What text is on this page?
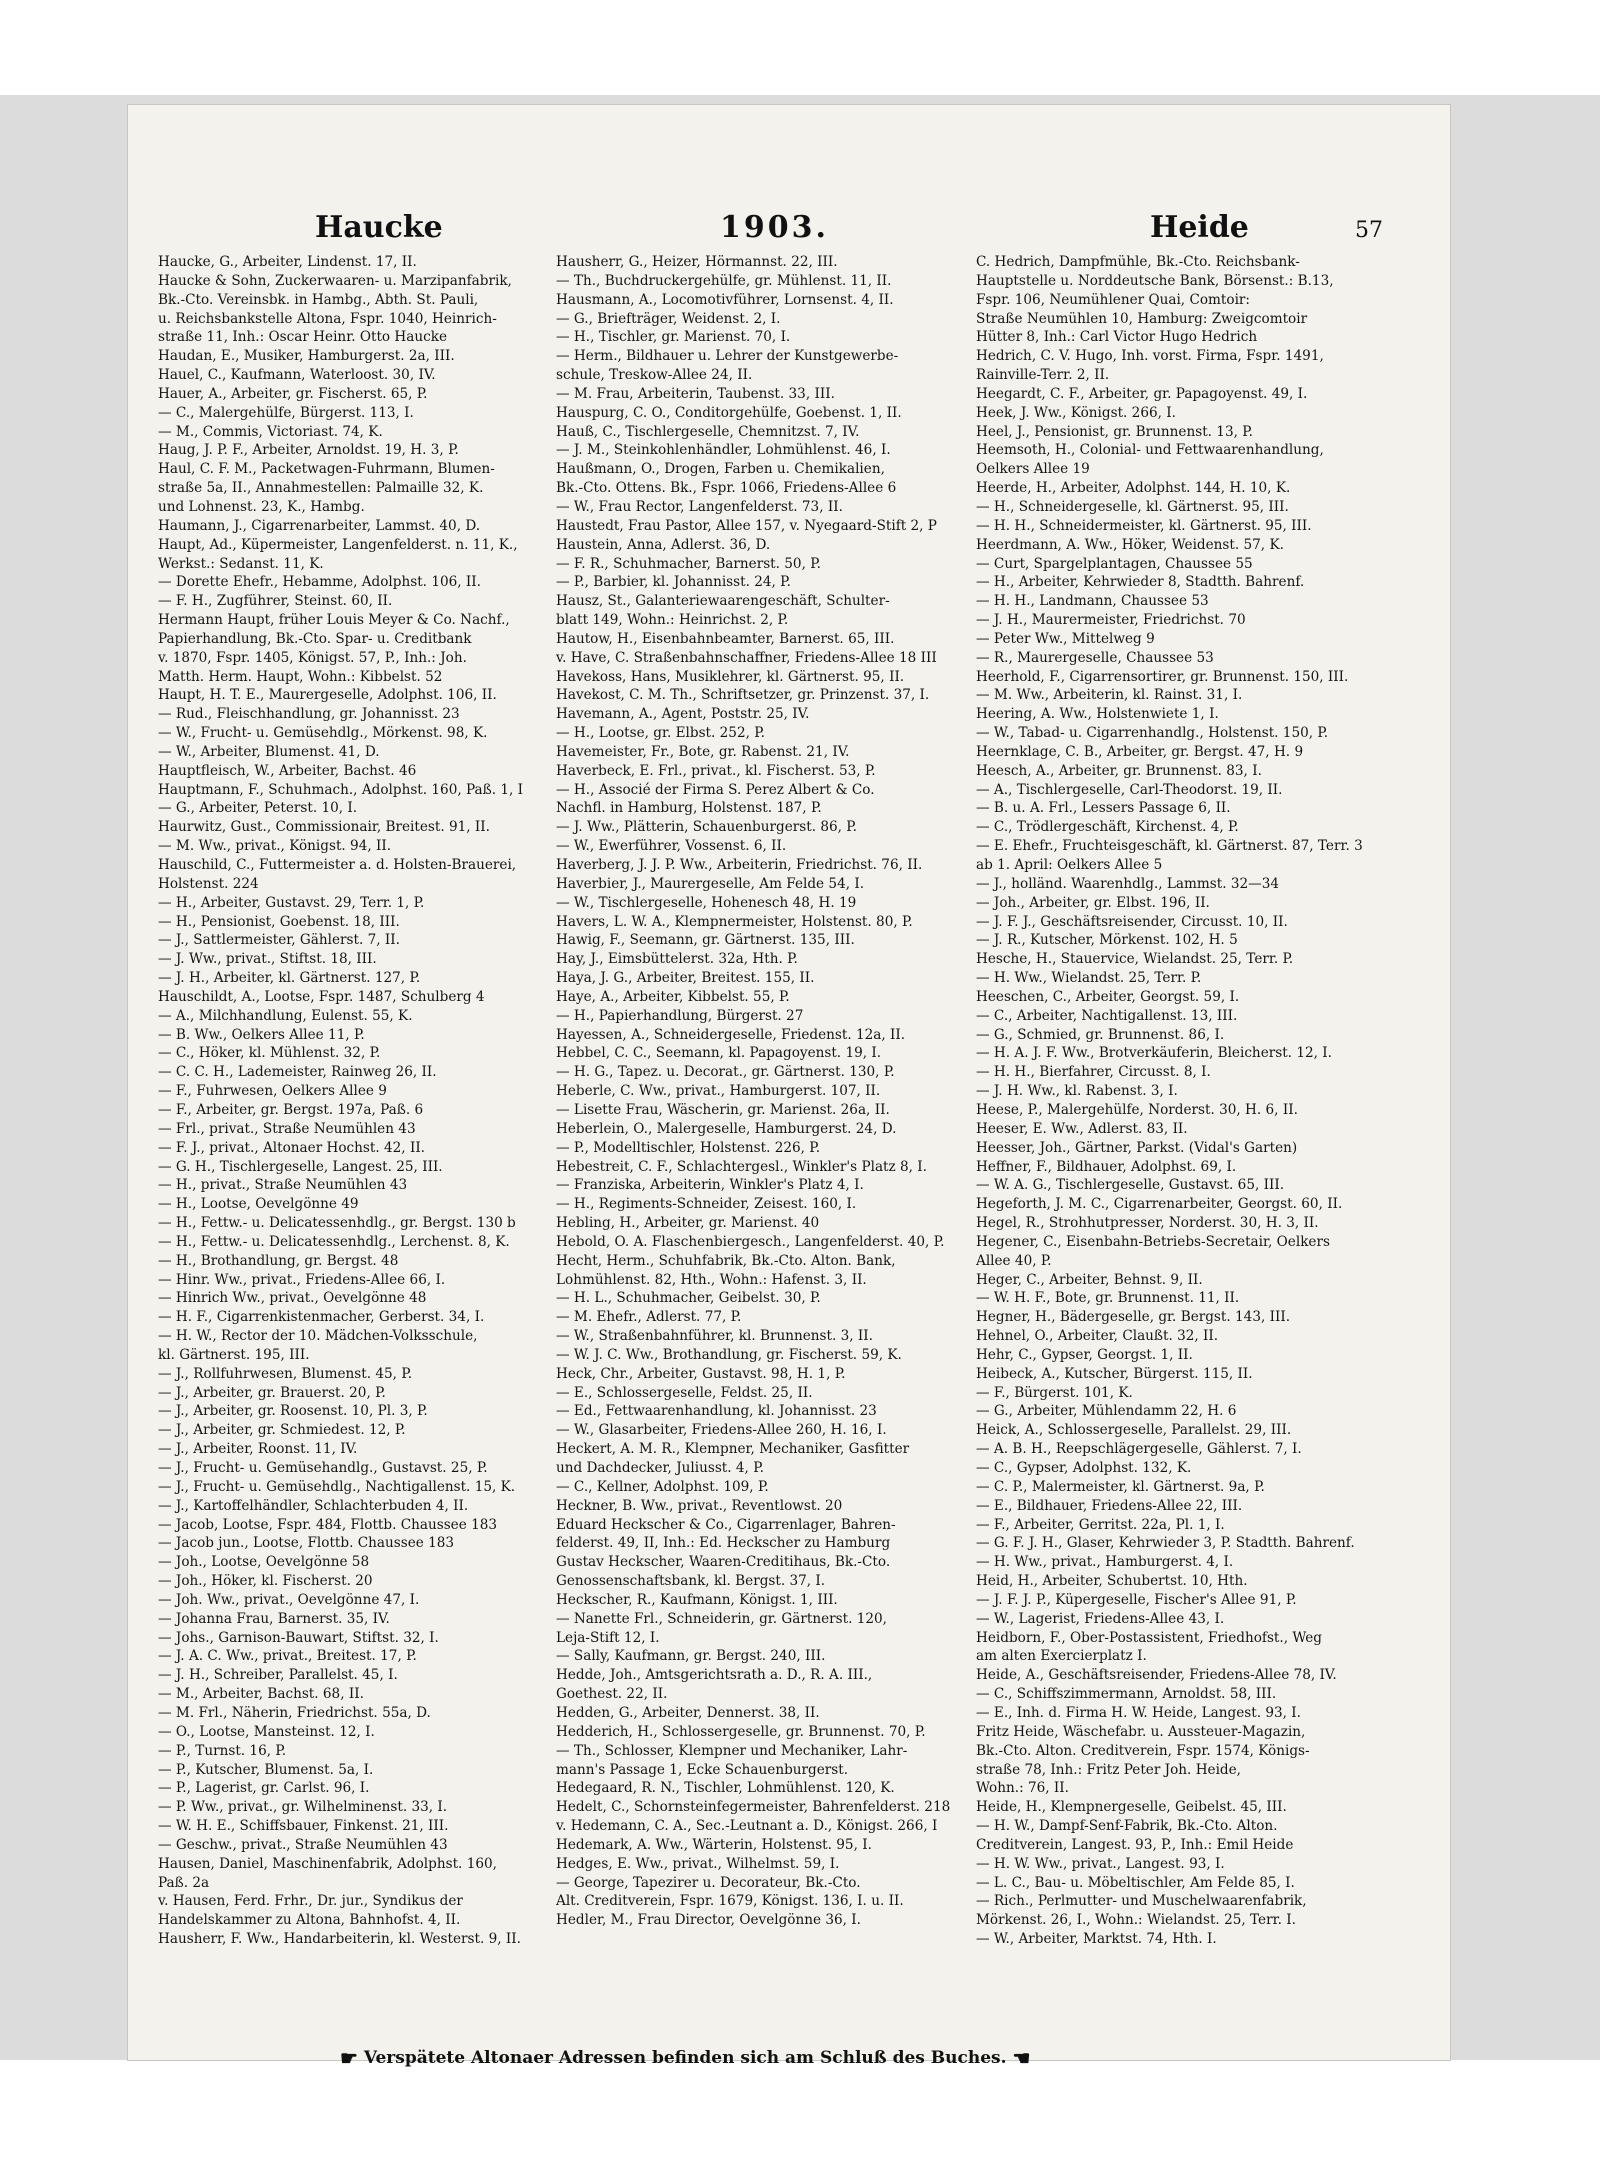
Haucke	1903.	Heide	57
Haucke, G., Arbeiter, Lindenst. 17, II.
Haucke & Sohn, Zuckerwaaren- u. Marzipanfabrik,
Bk.-Cto. Vereinsbk. in Hambg., Abth. St. Pauli,
u. Reichsbankstelle Altona, Fspr. 1040, Heinrich-
straße 11, Inh.: Oscar Heinr. Otto Haucke
Haudan, E., Musiker, Hamburgerst. 2a, III.
Hauel, C., Kaufmann, Waterloost. 30, IV.
Hauer, A., Arbeiter, gr. Fischerst. 65, P.
— C., Malergehülfe, Bürgerst. 113, I.
— M., Commis, Victoriast. 74, K.
Haug, J. P. F., Arbeiter, Arnoldst. 19, H. 3, P.
Haul, C. F. M., Packetwagen-Fuhrmann, Blumen-
straße 5a, II., Annahmestellen: Palmaille 32, K.
und Lohnenst. 23, K., Hambg.
Haumann, J., Cigarrenarbeiter, Lammst. 40, D.
Haupt, Ad., Küpermeister, Langenfelderst. n. 11, K.,
Werkst.: Sedanst. 11, K.
— Dorette Ehefr., Hebamme, Adolphst. 106, II.
— F. H., Zugführer, Steinst. 60, II.
Hermann Haupt, früher Louis Meyer & Co. Nachf.,
Papierhandlung, Bk.-Cto. Spar- u. Creditbank
v. 1870, Fspr. 1405, Königst. 57, P., Inh.: Joh.
Matth. Herm. Haupt, Wohn.: Kibbelst. 52
Haupt, H. T. E., Maurergeselle, Adolphst. 106, II.
— Rud., Fleischhandlung, gr. Johannisst. 23
— W., Frucht- u. Gemüsehdlg., Mörkenst. 98, K.
— W., Arbeiter, Blumenst. 41, D.
Hauptfleisch, W., Arbeiter, Bachst. 46
Hauptmann, F., Schuhmach., Adolphst. 160, Paß. 1, I
— G., Arbeiter, Peterst. 10, I.
Haurwitz, Gust., Commissionair, Breitest. 91, II.
— M. Ww., privat., Königst. 94, II.
Hauschild, C., Futtermeister a. d. Holsten-Brauerei,
Holstenst. 224
— H., Arbeiter, Gustavst. 29, Terr. 1, P.
— H., Pensionist, Goebenst. 18, III.
— J., Sattlermeister, Gählerst. 7, II.
— J. Ww., privat., Stiftst. 18, III.
— J. H., Arbeiter, kl. Gärtnerst. 127, P.
Hauschildt, A., Lootse, Fspr. 1487, Schulberg 4
— A., Milchhandlung, Eulenst. 55, K.
— B. Ww., Oelkers Allee 11, P.
— C., Höker, kl. Mühlenst. 32, P.
— C. C. H., Lademeister, Rainweg 26, II.
— F., Fuhrwesen, Oelkers Allee 9
— F., Arbeiter, gr. Bergst. 197a, Paß. 6
— Frl., privat., Straße Neumühlen 43
— F. J., privat., Altonaer Hochst. 42, II.
— G. H., Tischlergeselle, Langest. 25, III.
— H., privat., Straße Neumühlen 43
— H., Lootse, Oevelgönne 49
— H., Fettw.- u. Delicatessenhdlg., gr. Bergst. 130 b
— H., Fettw.- u. Delicatessenhdlg., Lerchenst. 8, K.
— H., Brothandlung, gr. Bergst. 48
— Hinr. Ww., privat., Friedens-Allee 66, I.
— Hinrich Ww., privat., Oevelgönne 48
— H. F., Cigarrenkistenmacher, Gerberst. 34, I.
— H. W., Rector der 10. Mädchen-Volksschule,
kl. Gärtnerst. 195, III.
— J., Rollfuhrwesen, Blumenst. 45, P.
— J., Arbeiter, gr. Brauerst. 20, P.
— J., Arbeiter, gr. Roosenst. 10, Pl. 3, P.
— J., Arbeiter, gr. Schmiedest. 12, P.
— J., Arbeiter, Roonst. 11, IV.
— J., Frucht- u. Gemüsehandlg., Gustavst. 25, P.
— J., Frucht- u. Gemüsehdlg., Nachtigallenst. 15, K.
— J., Kartoffelhändler, Schlachterbuden 4, II.
— Jacob, Lootse, Fspr. 484, Flottb. Chaussee 183
— Jacob jun., Lootse, Flottb. Chaussee 183
— Joh., Lootse, Oevelgönne 58
— Joh., Höker, kl. Fischerst. 20
— Joh. Ww., privat., Oevelgönne 47, I.
— Johanna Frau, Barnerst. 35, IV.
— Johs., Garnison-Bauwart, Stiftst. 32, I.
— J. A. C. Ww., privat., Breitest. 17, P.
— J. H., Schreiber, Parallelst. 45, I.
— M., Arbeiter, Bachst. 68, II.
— M. Frl., Näherin, Friedrichst. 55a, D.
— O., Lootse, Mansteinst. 12, I.
— P., Turnst. 16, P.
— P., Kutscher, Blumenst. 5a, I.
— P., Lagerist, gr. Carlst. 96, I.
— P. Ww., privat., gr. Wilhelminenst. 33, I.
— W. H. E., Schiffsbauer, Finkenst. 21, III.
— Geschw., privat., Straße Neumühlen 43
Hausen, Daniel, Maschinenfabrik, Adolphst. 160,
Paß. 2a
v. Hausen, Ferd. Frhr., Dr. jur., Syndikus der
Handelskammer zu Altona, Bahnhofst. 4, II.
Hausherr, F. Ww., Handarbeiterin, kl. Westerst. 9, II.
Hausherr, G., Heizer, Hörmannst. 22, III.
— Th., Buchdruckergehülfe, gr. Mühlenst. 11, II.
Hausmann, A., Locomotivführer, Lornsenst. 4, II.
— G., Briefträger, Weidenst. 2, I.
— H., Tischler, gr. Marienst. 70, I.
— Herm., Bildhauer u. Lehrer der Kunstgewerbe-
schule, Treskow-Allee 24, II.
— M. Frau, Arbeiterin, Taubenst. 33, III.
Hauspurg, C. O., Conditorgehülfe, Goebenst. 1, II.
Hauß, C., Tischlergeselle, Chemnitzst. 7, IV.
— J. M., Steinkohlenhändler, Lohmühlenst. 46, I.
Haußmann, O., Drogen, Farben u. Chemikalien,
Bk.-Cto. Ottens. Bk., Fspr. 1066, Friedens-Allee 6
— W., Frau Rector, Langenfelderst. 73, II.
Haustedt, Frau Pastor, Allee 157, v. Nyegaard-Stift 2, P
Haustein, Anna, Adlerst. 36, D.
— F. R., Schuhmacher, Barnerst. 50, P.
— P., Barbier, kl. Johannisst. 24, P.
Hausz, St., Galanteriewaarengeschäft, Schulter-
blatt 149, Wohn.: Heinrichst. 2, P.
Hautow, H., Eisenbahnbeamter, Barnerst. 65, III.
v. Have, C. Straßenbahnschaffner, Friedens-Allee 18 III
Havekoss, Hans, Musiklehrer, kl. Gärtnerst. 95, II.
Havekost, C. M. Th., Schriftsetzer, gr. Prinzenst. 37, I.
Havemann, A., Agent, Poststr. 25, IV.
— H., Lootse, gr. Elbst. 252, P.
Havemeister, Fr., Bote, gr. Rabenst. 21, IV.
Haverbeck, E. Frl., privat., kl. Fischerst. 53, P.
— H., Associé der Firma S. Perez Albert & Co.
Nachfl. in Hamburg, Holstenst. 187, P.
— J. Ww., Plätterin, Schauenburgerst. 86, P.
— W., Ewerführer, Vossenst. 6, II.
Haverberg, J. J. P. Ww., Arbeiterin, Friedrichst. 76, II.
Haverbier, J., Maurergeselle, Am Felde 54, I.
— W., Tischlergeselle, Hohenesch 48, H. 19
Havers, L. W. A., Klempnermeister, Holstenst. 80, P.
Hawig, F., Seemann, gr. Gärtnerst. 135, III.
Hay, J., Eimsbüttelerst. 32a, Hth. P.
Haya, J. G., Arbeiter, Breitest. 155, II.
Haye, A., Arbeiter, Kibbelst. 55, P.
— H., Papierhandlung, Bürgerst. 27
Hayessen, A., Schneidergeselle, Friedenst. 12a, II.
Hebbel, C. C., Seemann, kl. Papagoyenst. 19, I.
— H. G., Tapez. u. Decorat., gr. Gärtnerst. 130, P.
Heberle, C. Ww., privat., Hamburgerst. 107, II.
— Lisette Frau, Wäscherin, gr. Marienst. 26a, II.
Heberlein, O., Malergeselle, Hamburgerst. 24, D.
— P., Modelltischler, Holstenst. 226, P.
Hebestreit, C. F., Schlachtergesl., Winkler's Platz 8, I.
— Franziska, Arbeiterin, Winkler's Platz 4, I.
— H., Regiments-Schneider, Zeisest. 160, I.
Hebling, H., Arbeiter, gr. Marienst. 40
Hebold, O. A. Flaschenbiergesch., Langenfelderst. 40, P.
Hecht, Herm., Schuhfabrik, Bk.-Cto. Alton. Bank,
Lohmühlenst. 82, Hth., Wohn.: Hafenst. 3, II.
— H. L., Schuhmacher, Geibelst. 30, P.
— M. Ehefr., Adlerst. 77, P.
— W., Straßenbahnführer, kl. Brunnenst. 3, II.
— W. J. C. Ww., Brothandlung, gr. Fischerst. 59, K.
Heck, Chr., Arbeiter, Gustavst. 98, H. 1, P.
— E., Schlossergeselle, Feldst. 25, II.
— Ed., Fettwaarenhandlung, kl. Johannisst. 23
— W., Glasarbeiter, Friedens-Allee 260, H. 16, I.
Heckert, A. M. R., Klempner, Mechaniker, Gasfitter
und Dachdecker, Juliusst. 4, P.
— C., Kellner, Adolphst. 109, P.
Heckner, B. Ww., privat., Reventlowst. 20
Eduard Heckscher & Co., Cigarrenlager, Bahren-
felderst. 49, II, Inh.: Ed. Heckscher zu Hamburg
Gustav Heckscher, Waaren-Creditihaus, Bk.-Cto.
Genossenschaftsbank, kl. Bergst. 37, I.
Heckscher, R., Kaufmann, Königst. 1, III.
— Nanette Frl., Schneiderin, gr. Gärtnerst. 120,
Leja-Stift 12, I.
— Sally, Kaufmann, gr. Bergst. 240, III.
Hedde, Joh., Amtsgerichtsrath a. D., R. A. III.,
Goethest. 22, II.
Hedden, G., Arbeiter, Dennerst. 38, II.
Hedderich, H., Schlossergeselle, gr. Brunnenst. 70, P.
— Th., Schlosser, Klempner und Mechaniker, Lahr-
mann's Passage 1, Ecke Schauenburgerst.
Hedegaard, R. N., Tischler, Lohmühlenst. 120, K.
Hedelt, C., Schornsteinfegermeister, Bahrenfelderst. 218
v. Hedemann, C. A., Sec.-Leutnant a. D., Königst. 266, I
Hedemark, A. Ww., Wärterin, Holstenst. 95, I.
Hedges, E. Ww., privat., Wilhelmst. 59, I.
— George, Tapezirer u. Decorateur, Bk.-Cto.
Alt. Creditverein, Fspr. 1679, Königst. 136, I. u. II.
Hedler, M., Frau Director, Oevelgönne 36, I.
C. Hedrich, Dampfmühle, Bk.-Cto. Reichsbank-
Hauptstelle u. Norddeutsche Bank, Börsenst.: B.13,
Fspr. 106, Neumühlener Quai, Comtoir:
Straße Neumühlen 10, Hamburg: Zweigcomtoir
Hütter 8, Inh.: Carl Victor Hugo Hedrich
Hedrich, C. V. Hugo, Inh. vorst. Firma, Fspr. 1491,
Rainville-Terr. 2, II.
Heegardt, C. F., Arbeiter, gr. Papagoyenst. 49, I.
Heek, J. Ww., Königst. 266, I.
Heel, J., Pensionist, gr. Brunnenst. 13, P.
Heemsoth, H., Colonial- und Fettwaarenhandlung,
Oelkers Allee 19
Heerde, H., Arbeiter, Adolphst. 144, H. 10, K.
— H., Schneidergeselle, kl. Gärtnerst. 95, III.
— H. H., Schneidermeister, kl. Gärtnerst. 95, III.
Heerdmann, A. Ww., Höker, Weidenst. 57, K.
— Curt, Spargelplantagen, Chaussee 55
— H., Arbeiter, Kehrwieder 8, Stadtth. Bahrenf.
— H. H., Landmann, Chaussee 53
— J. H., Maurermeister, Friedrichst. 70
— Peter Ww., Mittelweg 9
— R., Maurergeselle, Chaussee 53
Heerhold, F., Cigarrensortirer, gr. Brunnenst. 150, III.
— M. Ww., Arbeiterin, kl. Rainst. 31, I.
Heering, A. Ww., Holstenwiete 1, I.
— W., Tabad- u. Cigarrenhandlg., Holstenst. 150, P.
Heernklage, C. B., Arbeiter, gr. Bergst. 47, H. 9
Heesch, A., Arbeiter, gr. Brunnenst. 83, I.
— A., Tischlergeselle, Carl-Theodorst. 19, II.
— B. u. A. Frl., Lessers Passage 6, II.
— C., Trödlergeschäft, Kirchenst. 4, P.
— E. Ehefr., Fruchteisgeschäft, kl. Gärtnerst. 87, Terr. 3
ab 1. April: Oelkers Allee 5
— J., holländ. Waarenhdlg., Lammst. 32—34
— Joh., Arbeiter, gr. Elbst. 196, II.
— J. F. J., Geschäftsreisender, Circusst. 10, II.
— J. R., Kutscher, Mörkenst. 102, H. 5
Hesche, H., Stauervice, Wielandst. 25, Terr. P.
— H. Ww., Wielandst. 25, Terr. P.
Heeschen, C., Arbeiter, Georgst. 59, I.
— C., Arbeiter, Nachtigallenst. 13, III.
— G., Schmied, gr. Brunnenst. 86, I.
— H. A. J. F. Ww., Brotverkäuferin, Bleicherst. 12, I.
— H. H., Bierfahrer, Circusst. 8, I.
— J. H. Ww., kl. Rabenst. 3, I.
Heese, P., Malergehülfe, Norderst. 30, H. 6, II.
Heeser, E. Ww., Adlerst. 83, II.
Heesser, Joh., Gärtner, Parkst. (Vidal's Garten)
Heffner, F., Bildhauer, Adolphst. 69, I.
— W. A. G., Tischlergeselle, Gustavst. 65, III.
Hegeforth, J. M. C., Cigarrenarbeiter, Georgst. 60, II.
Hegel, R., Strohhutpresser, Norderst. 30, H. 3, II.
Hegener, C., Eisenbahn-Betriebs-Secretair, Oelkers
Allee 40, P.
Heger, C., Arbeiter, Behnst. 9, II.
— W. H. F., Bote, gr. Brunnenst. 11, II.
Hegner, H., Bädergeselle, gr. Bergst. 143, III.
Hehnel, O., Arbeiter, Claußt. 32, II.
Hehr, C., Gypser, Georgst. 1, II.
Heibeck, A., Kutscher, Bürgerst. 115, II.
— F., Bürgerst. 101, K.
— G., Arbeiter, Mühlendamm 22, H. 6
Heick, A., Schlossergeselle, Parallelst. 29, III.
— A. B. H., Reepschlägergeselle, Gählerst. 7, I.
— C., Gypser, Adolphst. 132, K.
— C. P., Malermeister, kl. Gärtnerst. 9a, P.
— E., Bildhauer, Friedens-Allee 22, III.
— F., Arbeiter, Gerritst. 22a, Pl. 1, I.
— G. F. J. H., Glaser, Kehrwieder 3, P. Stadtth. Bahrenf.
— H. Ww., privat., Hamburgerst. 4, I.
Heid, H., Arbeiter, Schubertst. 10, Hth.
— J. F. J. P., Küpergeselle, Fischer's Allee 91, P.
— W., Lagerist, Friedens-Allee 43, I.
Heidborn, F., Ober-Postassistent, Friedhofst., Weg
am alten Exercierplatz I.
Heide, A., Geschäftsreisender, Friedens-Allee 78, IV.
— C., Schiffszimmermann, Arnoldst. 58, III.
— E., Inh. d. Firma H. W. Heide, Langest. 93, I.
Fritz Heide, Wäschefabr. u. Aussteuer-Magazin,
Bk.-Cto. Alton. Creditverein, Fspr. 1574, Königs-
straße 78, Inh.: Fritz Peter Joh. Heide,
Wohn.: 76, II.
Heide, H., Klempnergeselle, Geibelst. 45, III.
— H. W., Dampf-Senf-Fabrik, Bk.-Cto. Alton.
Creditverein, Langest. 93, P., Inh.: Emil Heide
— H. W. Ww., privat., Langest. 93, I.
— L. C., Bau- u. Möbeltischler, Am Felde 85, I.
— Rich., Perlmutter- und Muschelwaarenfabrik,
Mörkenst. 26, I., Wohn.: Wielandst. 25, Terr. I.
— W., Arbeiter, Marktst. 74, Hth. I.
☛ Verspätete Altonaer Adressen befinden sich am Schluß des Buches. ☚
